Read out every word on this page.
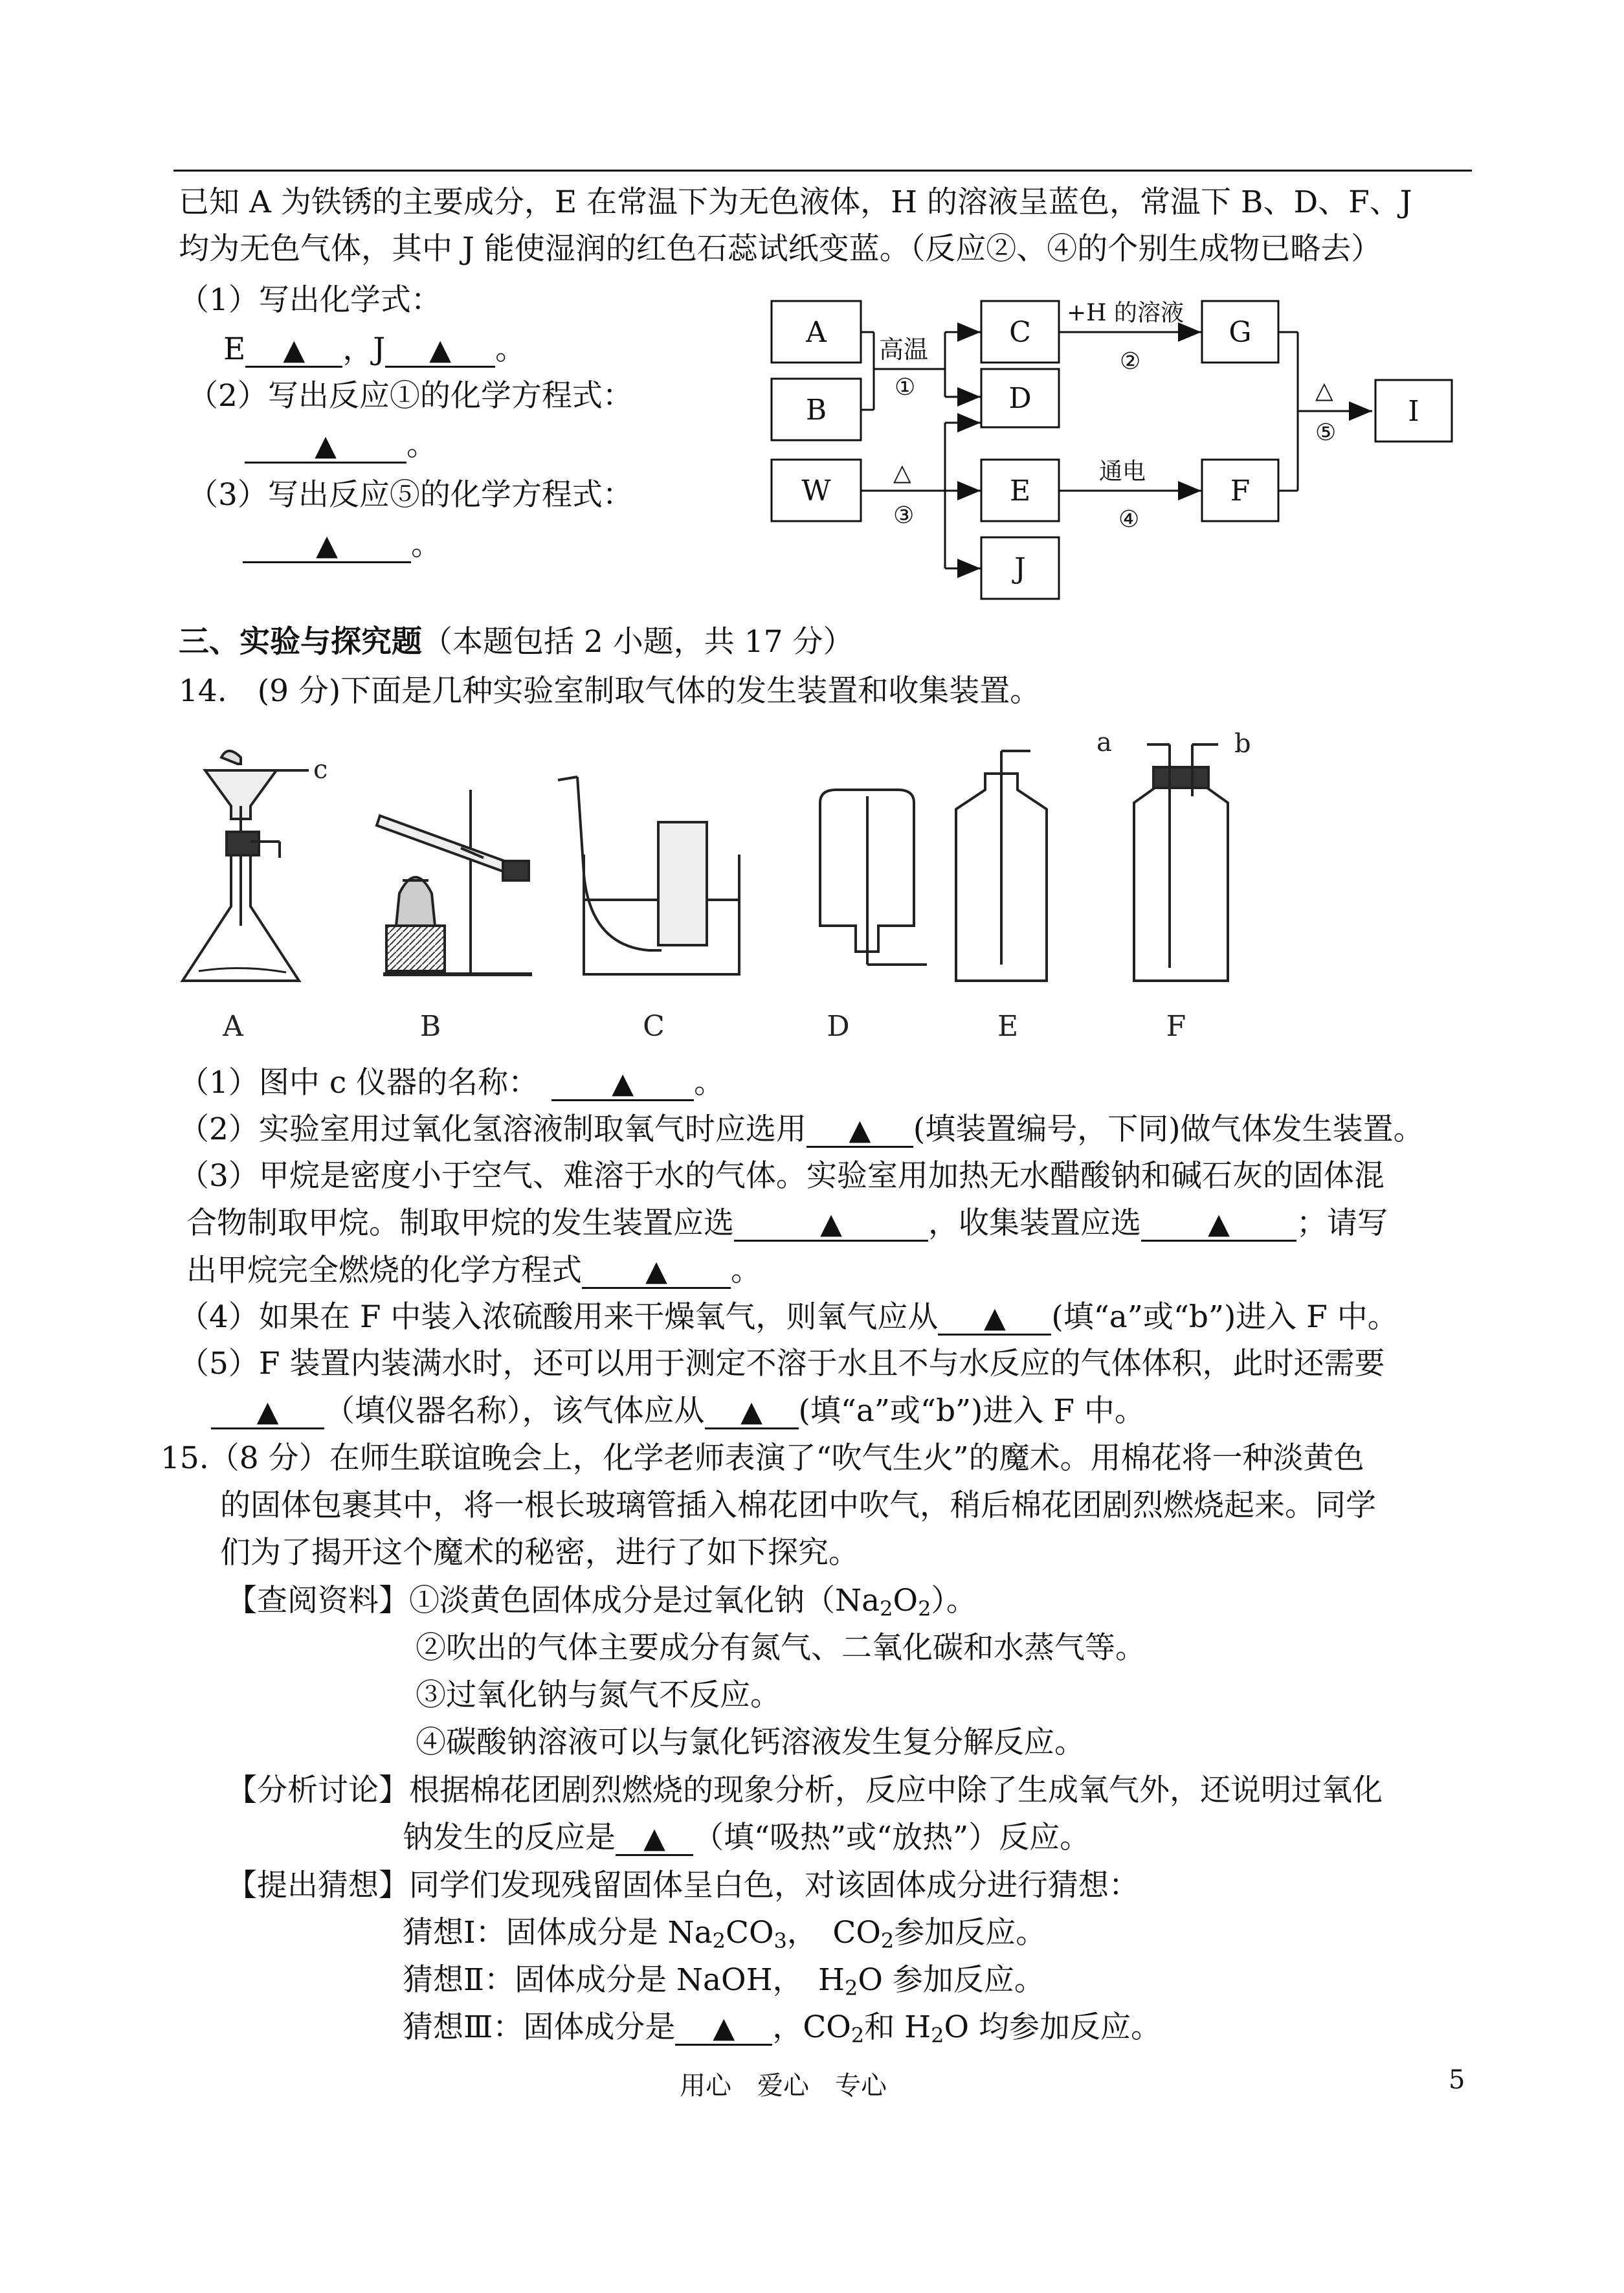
已知 A 为铁锈的主要成分，E 在常温下为无色液体，H 的溶液呈蓝色，常温下 B、D、F、J
均为无色气体，其中 J 能使湿润的红色石蕊试纸变蓝。（反应②、④的个别生成物已略去）
（1）写出化学式：
E ▲ ，J ▲ 。
（2）写出反应①的化学方程式：
▲ 。
（3）写出反应⑤的化学方程式：
▲ 。
高温
①
+H 的溶液
②
△
③
通电
④
△
⑤
A
B
W
C
D
E
J
G
F
I
三、实验与探究题（本题包括 2 小题，共 17 分）
14.　(9 分)下面是几种实验室制取气体的发生装置和收集装置。
c
a	b
A	B	C	D	E	F
（1）图中 c 仪器的名称：	▲ 。
（2）实验室用过氧化氢溶液制取氧气时应选用 ▲ (填装置编号，下同)做气体发生装置。
（3）甲烷是密度小于空气、难溶于水的气体。实验室用加热无水醋酸钠和碱石灰的固体混
合物制取甲烷。制取甲烷的发生装置应选	▲	，收集装置应选 ▲ ；请写
出甲烷完全燃烧的化学方程式 ▲ 。
（4）如果在 F 中装入浓硫酸用来干燥氧气，则氧气应从 ▲ (填“a”或“b”)进入 F 中。
（5）F 装置内装满水时，还可以用于测定不溶于水且不与水反应的气体体积，此时还需要
▲ （填仪器名称），该气体应从 ▲ (填“a”或“b”)进入 F 中。
15.（8 分）在师生联谊晚会上，化学老师表演了“吹气生火”的魔术。用棉花将一种淡黄色
的固体包裹其中，将一根长玻璃管插入棉花团中吹气，稍后棉花团剧烈燃烧起来。同学
们为了揭开这个魔术的秘密，进行了如下探究。
【查阅资料】①淡黄色固体成分是过氧化钠$(Na_2O_2)$。
②吹出的气体主要成分有氮气、二氧化碳和水蒸气等。
③过氧化钠与氮气不反应。
④碳酸钠溶液可以与氯化钙溶液发生复分解反应。
【分析讨论】根据棉花团剧烈燃烧的现象分析，反应中除了生成氧气外，还说明过氧化
钠发生的反应是 ▲ （填“吸热”或“放热”）反应。
【提出猜想】同学们发现残留固体呈白色，对该固体成分进行猜想：
猜想Ⅰ：固体成分是 $Na_2CO_3$，　$CO_2$参加反应。
猜想Ⅱ：固体成分是 NaOH，　$H_2O$ 参加反应。
猜想Ⅲ：固体成分是 ▲ ，$CO_2$和 $H_2O$ 均参加反应。
用心　爱心　专心	5
